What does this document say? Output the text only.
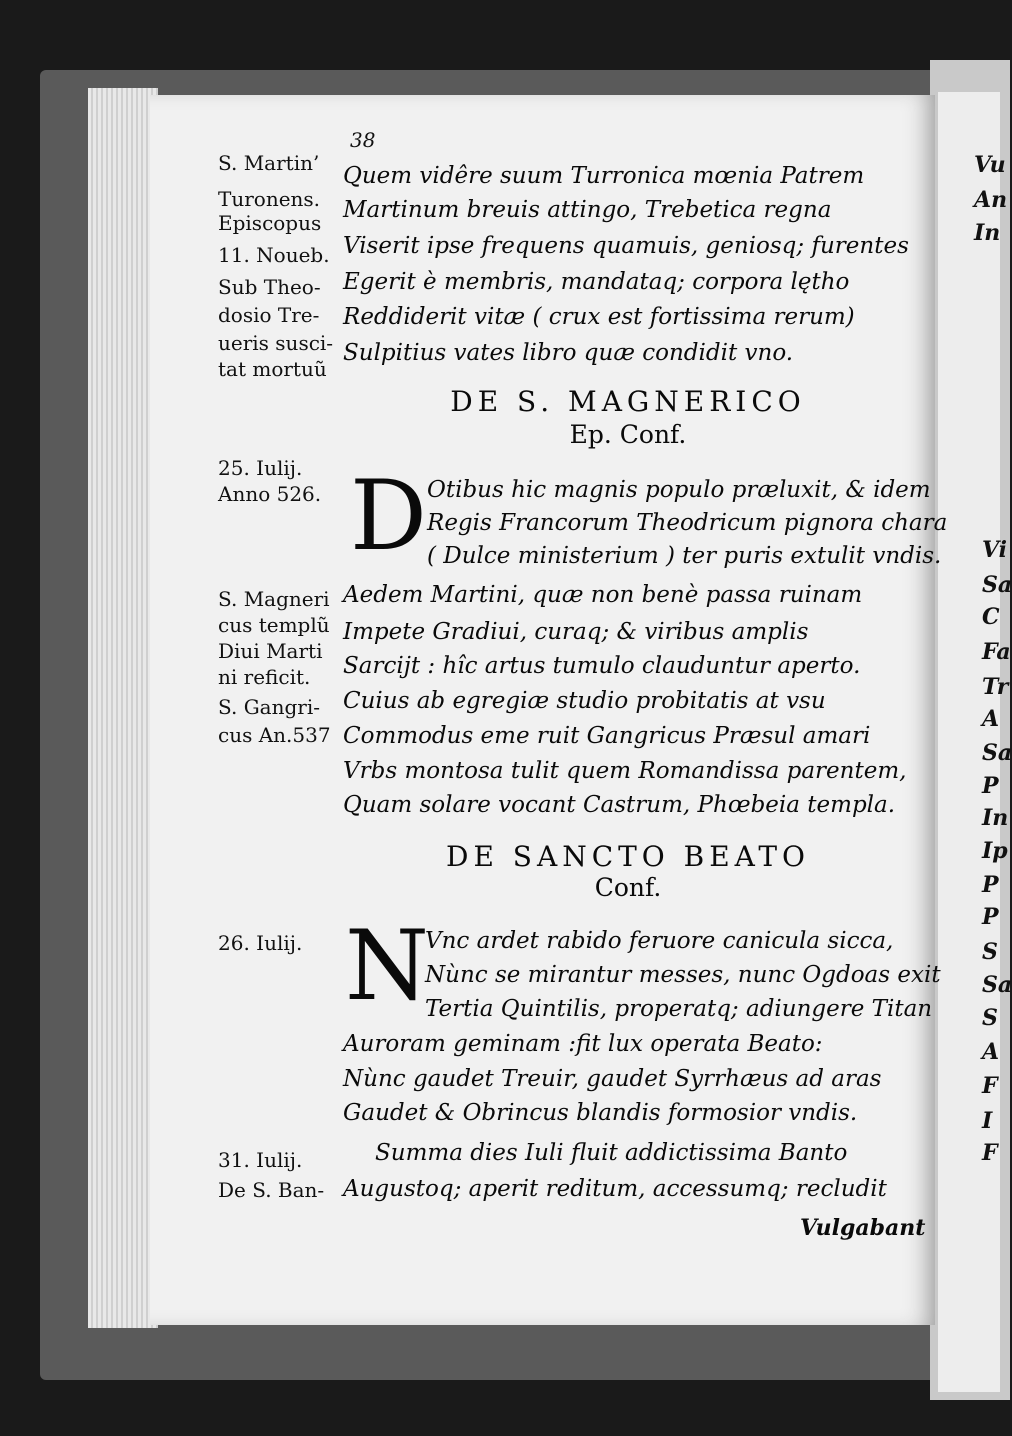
Vu
An
In
Vi
Sa
C
Fa
Tr
A
Sa
P
In
Ip
P
P
S
Sa
S
A
F
I
F
38
S. Martin’
Turonens.
Episcopus
11. Noueb.
Sub Theo-
dosio Tre-
ueris susci-
tat mortuũ
25. Iulij.
Anno 526.
S. Magneri
cus templũ
Diui Marti
ni reficit.
S. Gangri-
cus An.537
26. Iulij.
31. Iulij.
De S. Ban-
Quem vidêre suum Turronica mœnia Patrem
Martinum breuis attingo, Trebetica regna
Viserit ipse frequens quamuis, geniosq; furentes
Egerit è membris, mandataq; corpora lętho
Reddiderit vitæ ( crux est fortissima rerum)
Sulpitius vates libro quæ condidit vno.
DE S. MAGNERICO
Ep. Conf.
D Otibus hic magnis populo præluxit, & idem
Regis Francorum Theodricum pignora chara
( Dulce ministerium ) ter puris extulit vndis.
Aedem Martini, quæ non benè passa ruinam
Impete Gradiui, curaq; & viribus amplis
Sarcijt : hîc artus tumulo clauduntur aperto.
Cuius ab egregiæ studio probitatis at vsu
Commodus eme ruit Gangricus Præsul amari
Vrbs montosa tulit quem Romandissa parentem,
Quam solare vocant Castrum, Phœbeia templa.
DE SANCTO BEATO
Conf.
N
Vnc ardet rabido feruore canicula sicca,
Nùnc se mirantur messes, nunc Ogdoas exit
Tertia Quintilis, properatq; adiungere Titan
Auroram geminam :fit lux operata Beato:
Nùnc gaudet Treuir, gaudet Syrrhæus ad aras
Gaudet & Obrincus blandis formosior vndis.
Summa dies Iuli fluit addictissima Banto
Augustoq; aperit reditum, accessumq; recludit
Vulgabant
